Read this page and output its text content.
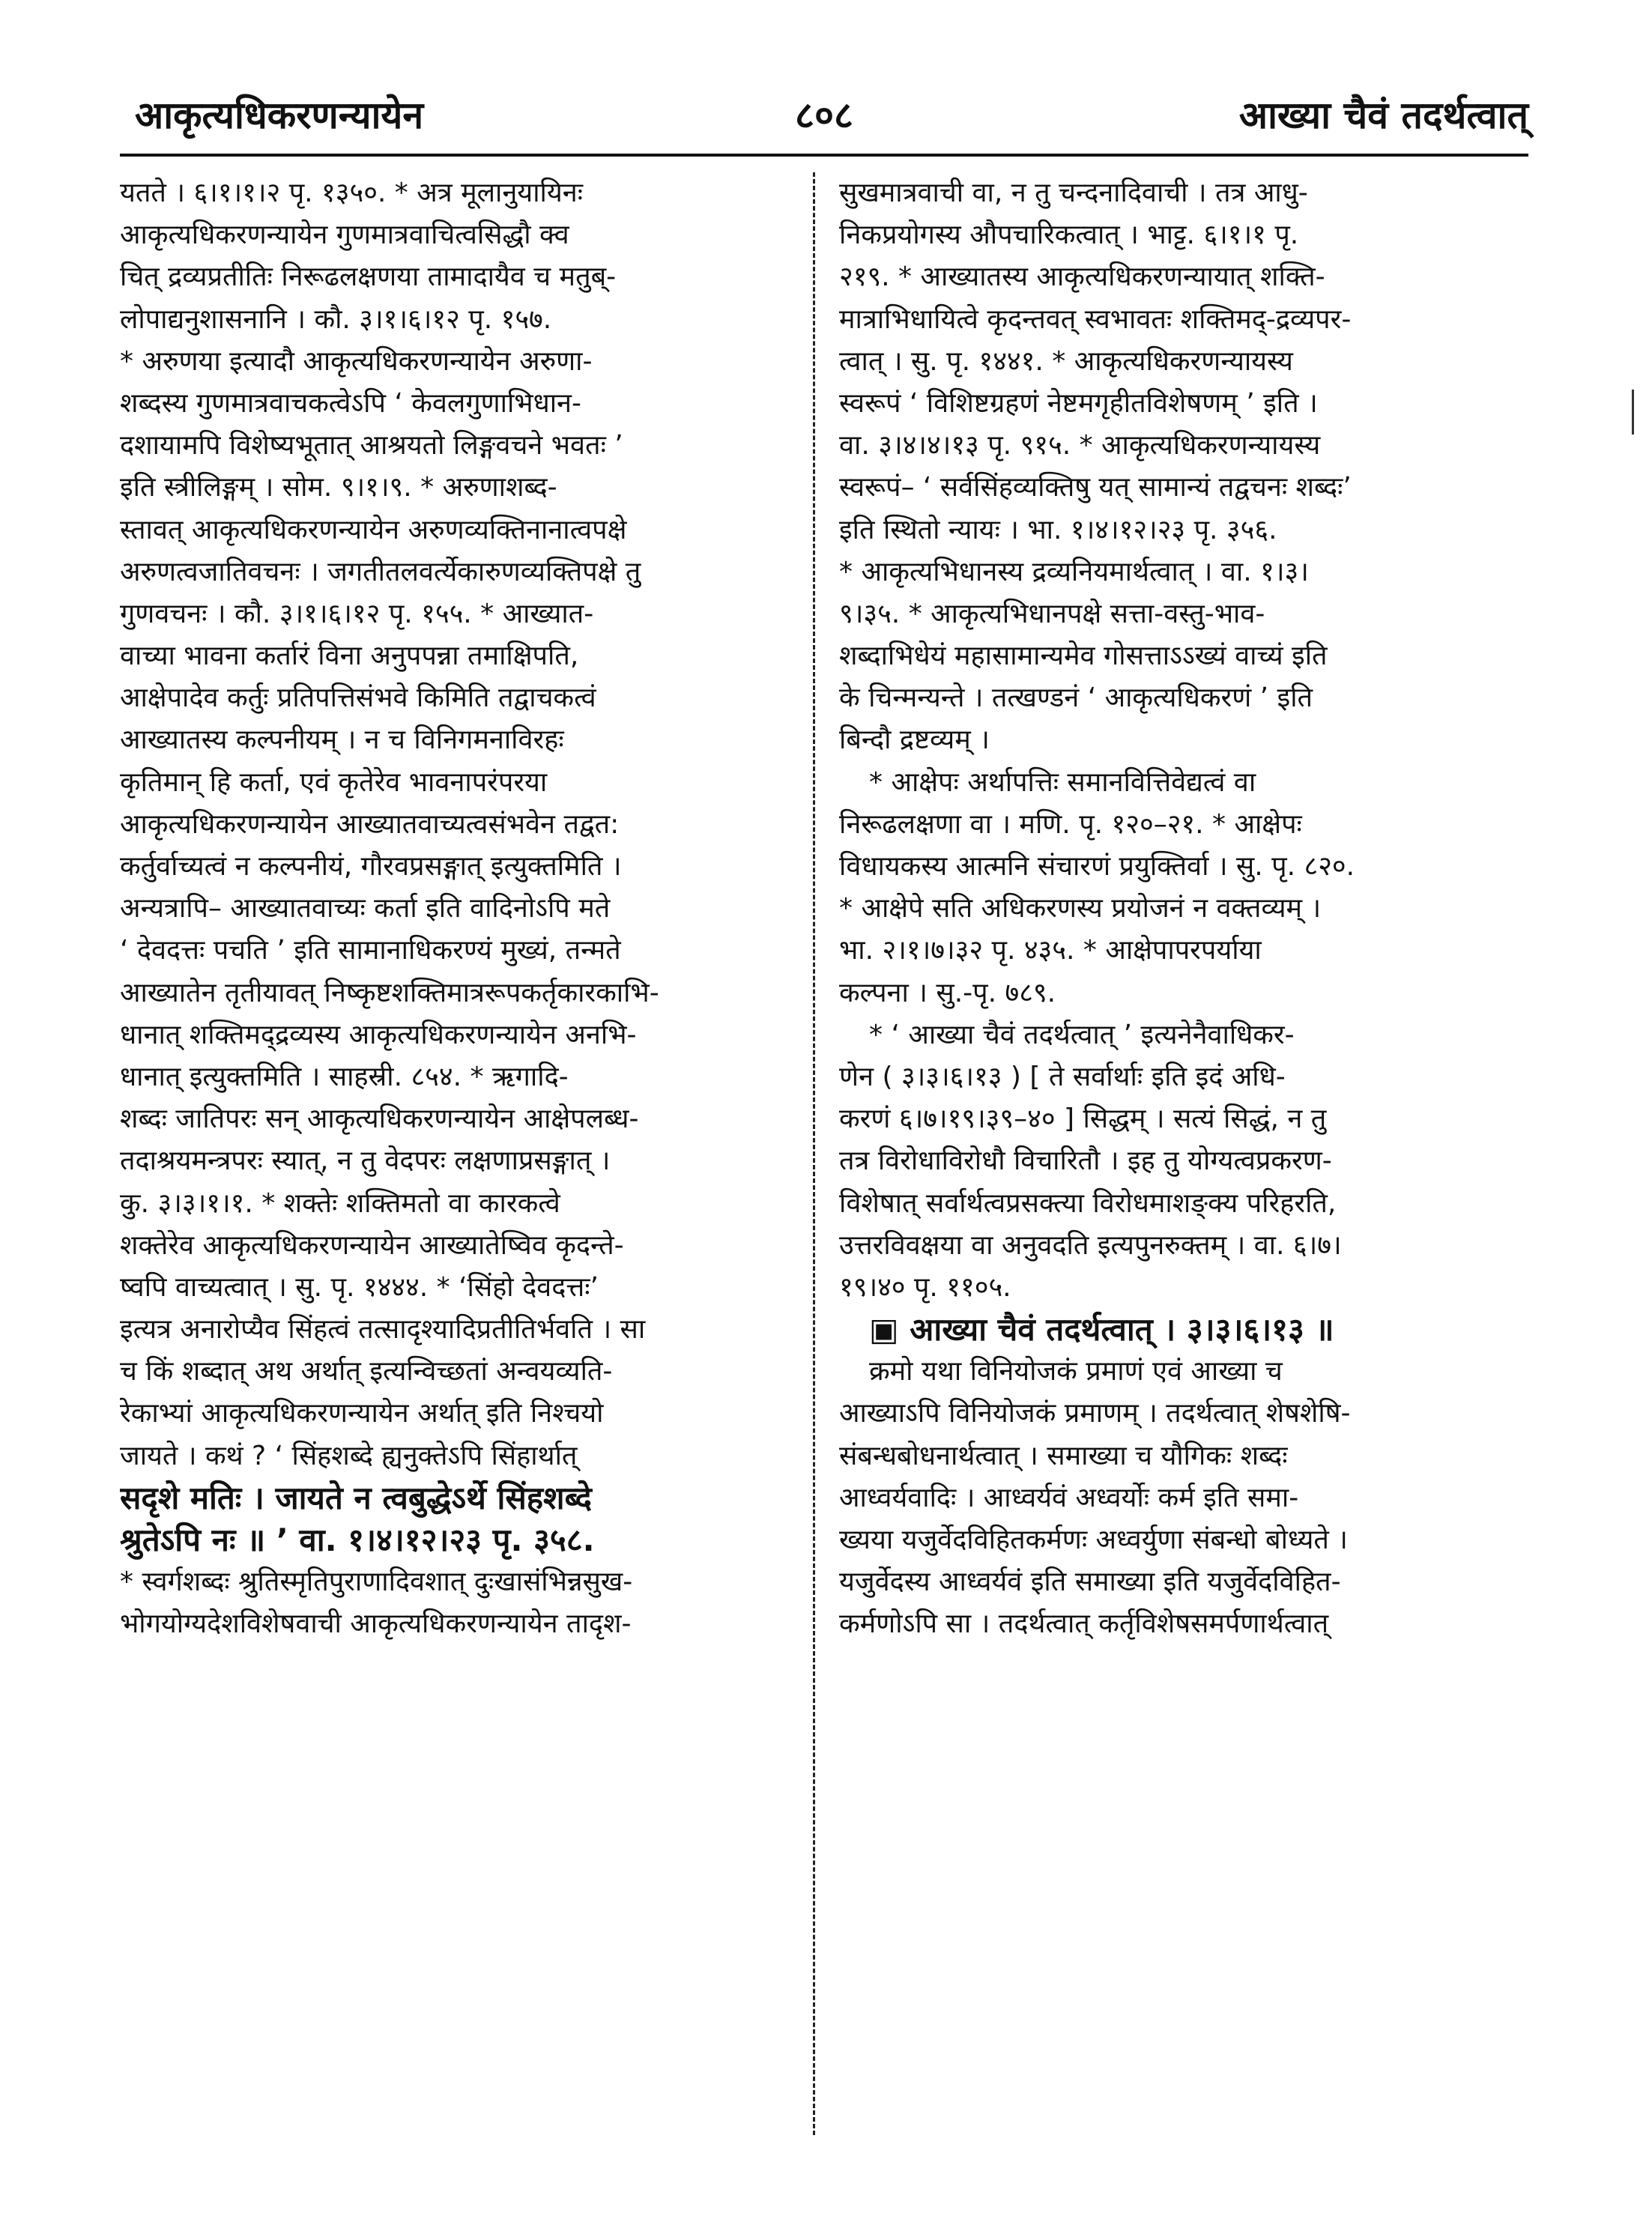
आकृत्यधिकरणन्यायेन	८०८	आख्या चैवं तदर्थत्वात्
यतते । ६।१।१।२ पृ. १३५०. * अत्र मूलानुयायिनः
आकृत्यधिकरणन्यायेन गुणमात्रवाचित्वसिद्धौ क्व
चित् द्रव्यप्रतीतिः निरूढलक्षणया तामादायैव च मतुब्-
लोपाद्यनुशासनानि । कौ. ३।१।६।१२ पृ. १५७.
* अरुणया इत्यादौ आकृत्यधिकरणन्यायेन अरुणा-
शब्दस्य गुणमात्रवाचकत्वेऽपि ‘ केवलगुणाभिधान-
दशायामपि विशेष्यभूतात् आश्रयतो लिङ्गवचने भवतः ’
इति स्त्रीलिङ्गम् । सोम. ९।१।९. * अरुणाशब्द-
स्तावत् आकृत्यधिकरणन्यायेन अरुणव्यक्तिनानात्वपक्षे
अरुणत्वजातिवचनः । जगतीतलवर्त्येकारुणव्यक्तिपक्षे तु
गुणवचनः । कौ. ३।१।६।१२ पृ. १५५. * आख्यात-
वाच्या भावना कर्तारं विना अनुपपन्ना तमाक्षिपति,
आक्षेपादेव कर्तुः प्रतिपत्तिसंभवे किमिति तद्वाचकत्वं
आख्यातस्य कल्पनीयम् । न च विनिगमनाविरहः
कृतिमान् हि कर्ता, एवं कृतेरेव भावनापरंपरया
आकृत्यधिकरणन्यायेन आख्यातवाच्यत्वसंभवेन तद्वत:
कर्तुर्वाच्यत्वं न कल्पनीयं, गौरवप्रसङ्गात् इत्युक्तमिति ।
अन्यत्रापि– आख्यातवाच्यः कर्ता इति वादिनोऽपि मते
‘ देवदत्तः पचति ’ इति सामानाधिकरण्यं मुख्यं, तन्मते
आख्यातेन तृतीयावत् निष्कृष्टशक्तिमात्ररूपकर्तृकारकाभि-
धानात् शक्तिमद्द्रव्यस्य आकृत्यधिकरणन्यायेन अनभि-
धानात् इत्युक्तमिति । साहस्री. ८५४. * ऋगादि-
शब्दः जातिपरः सन् आकृत्यधिकरणन्यायेन आक्षेपलब्ध-
तदाश्रयमन्त्रपरः स्यात्, न तु वेदपरः लक्षणाप्रसङ्गात् ।
कु. ३।३।१।१. * शक्तेः शक्तिमतो वा कारकत्वे
शक्तेरेव आकृत्यधिकरणन्यायेन आख्यातेष्विव कृदन्ते-
ष्वपि वाच्यत्वात् । सु. पृ. १४४४. * ‘सिंहो देवदत्तः’
इत्यत्र अनारोप्यैव सिंहत्वं तत्सादृश्यादिप्रतीतिर्भवति । सा
च किं शब्दात् अथ अर्थात् इत्यन्विच्छतां अन्वयव्यति-
रेकाभ्यां आकृत्यधिकरणन्यायेन अर्थात् इति निश्चयो
जायते । कथं ? ‘ सिंहशब्दे ह्यनुक्तेऽपि सिंहार्थात्
सदृशे मतिः । जायते न त्वबुद्धेऽर्थे सिंहशब्दे
श्रुतेऽपि नः ॥ ’ वा. १।४।१२।२३ पृ. ३५८.
* स्वर्गशब्दः श्रुतिस्मृतिपुराणादिवशात् दुःखासंभिन्नसुख-
भोगयोग्यदेशविशेषवाची आकृत्यधिकरणन्यायेन तादृश-
सुखमात्रवाची वा, न तु चन्दनादिवाची । तत्र आधु-
निकप्रयोगस्य औपचारिकत्वात् । भाट्ट. ६।१।१ पृ.
२१९. * आख्यातस्य आकृत्यधिकरणन्यायात् शक्ति-
मात्राभिधायित्वे कृदन्तवत् स्वभावतः शक्तिमद्-द्रव्यपर-
त्वात् । सु. पृ. १४४१. * आकृत्यधिकरणन्यायस्य
स्वरूपं ‘ विशिष्टग्रहणं नेष्टमगृहीतविशेषणम् ’ इति ।
वा. ३।४।४।१३ पृ. ९१५. * आकृत्यधिकरणन्यायस्य
स्वरूपं– ‘ सर्वसिंहव्यक्तिषु यत् सामान्यं तद्वचनः शब्दः’
इति स्थितो न्यायः । भा. १।४।१२।२३ पृ. ३५६.
* आकृत्यभिधानस्य द्रव्यनियमार्थत्वात् । वा. १।३।
९।३५. * आकृत्यभिधानपक्षे सत्ता-वस्तु-भाव-
शब्दाभिधेयं महासामान्यमेव गोसत्ताऽऽख्यं वाच्यं इति
के चिन्मन्यन्ते । तत्खण्डनं ‘ आकृत्यधिकरणं ’ इति
बिन्दौ द्रष्टव्यम् ।
* आक्षेपः अर्थापत्तिः समानवित्तिवेद्यत्वं वा
निरूढलक्षणा वा । मणि. पृ. १२०–२१. * आक्षेपः
विधायकस्य आत्मनि संचारणं प्रयुक्तिर्वा । सु. पृ. ८२०.
* आक्षेपे सति अधिकरणस्य प्रयोजनं न वक्तव्यम् ।
भा. २।१।७।३२ पृ. ४३५. * आक्षेपापरपर्याया
कल्पना । सु.-पृ. ७८९.
* ‘ आख्या चैवं तदर्थत्वात् ’ इत्यनेनैवाधिकर-
णेन ( ३।३।६।१३ ) [ ते सर्वार्थाः इति इदं अधि-
करणं ६।७।१९।३९–४० ] सिद्धम् । सत्यं सिद्धं, न तु
तत्र विरोधाविरोधौ विचारितौ । इह तु योग्यत्वप्रकरण-
विशेषात् सर्वार्थत्वप्रसक्त्या विरोधमाशङ्क्य परिहरति,
उत्तरविवक्षया वा अनुवदति इत्यपुनरुक्तम् । वा. ६।७।
१९।४० पृ. ११०५.
▣ आख्या चैवं तदर्थत्वात् । ३।३।६।१३ ॥
क्रमो यथा विनियोजकं प्रमाणं एवं आख्या च
आख्याऽपि विनियोजकं प्रमाणम् । तदर्थत्वात् शेषशेषि-
संबन्धबोधनार्थत्वात् । समाख्या च यौगिकः शब्दः
आध्वर्यवादिः । आध्वर्यवं अध्वर्योः कर्म इति समा-
ख्यया यजुर्वेदविहितकर्मणः अध्वर्युणा संबन्धो बोध्यते ।
यजुर्वेदस्य आध्वर्यवं इति समाख्या इति यजुर्वेदविहित-
कर्मणोऽपि सा । तदर्थत्वात् कर्तृविशेषसमर्पणार्थत्वात्
